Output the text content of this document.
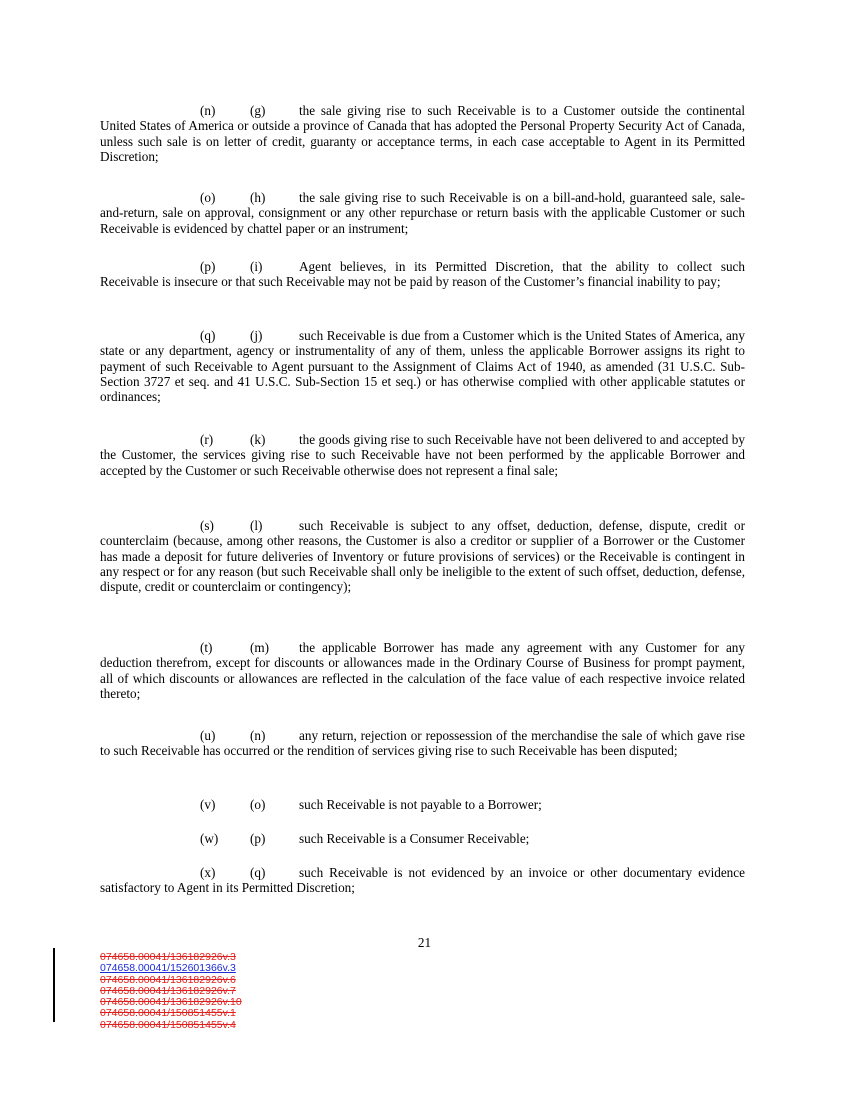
(n)	(g)	the sale giving rise to such Receivable is to a Customer outside the continental United States of America or outside a province of Canada that has adopted the Personal Property Security Act of Canada, unless such sale is on letter of credit, guaranty or acceptance terms, in each case acceptable to Agent in its Permitted Discretion;

(o)	(h)	the sale giving rise to such Receivable is on a bill-and-hold, guaranteed sale, sale-and-return, sale on approval, consignment or any other repurchase or return basis with the applicable Customer or such Receivable is evidenced by chattel paper or an instrument;

(p)	(i)	Agent believes, in its Permitted Discretion, that the ability to collect such Receivable is insecure or that such Receivable may not be paid by reason of the Customer’s financial inability to pay;

(q)	(j)	such Receivable is due from a Customer which is the United States of America, any state or any department, agency or instrumentality of any of them, unless the applicable Borrower assigns its right to payment of such Receivable to Agent pursuant to the Assignment of Claims Act of 1940, as amended (31 U.S.C. Sub-Section 3727 et seq. and 41 U.S.C. Sub-Section 15 et seq.) or has otherwise complied with other applicable statutes or ordinances;

(r)	(k)	the goods giving rise to such Receivable have not been delivered to and accepted by the Customer, the services giving rise to such Receivable have not been performed by the applicable Borrower and accepted by the Customer or such Receivable otherwise does not represent a final sale;

(s)	(l)	such Receivable is subject to any offset, deduction, defense, dispute, credit or counterclaim (because, among other reasons, the Customer is also a creditor or supplier of a Borrower or the Customer has made a deposit for future deliveries of Inventory or future provisions of services) or the Receivable is contingent in any respect or for any reason (but such Receivable shall only be ineligible to the extent of such offset, deduction, defense, dispute, credit or counterclaim or contingency);

(t)	(m) the applicable Borrower has made any agreement with any Customer for any deduction therefrom, except for discounts or allowances made in the Ordinary Course of Business for prompt payment, all of which discounts or allowances are reflected in the calculation of the face value of each respective invoice related thereto;

(u)	(n)	any return, rejection or repossession of the merchandise the sale of which gave rise to such Receivable has occurred or the rendition of services giving rise to such Receivable has been disputed;

(v)	(o)	such Receivable is not payable to a Borrower;

(w) (p)	such Receivable is a Consumer Receivable;

(x)	(q)	such Receivable is not evidenced by an invoice or other documentary evidence satisfactory to Agent in its Permitted Discretion;

21
074658.00041/136182926v.3
074658.00041/152601366v.3
074658.00041/136182926v.6
074658.00041/136182926v.7
074658.00041/136182926v.10
074658.00041/150851455v.1
074658.00041/150851455v.4
